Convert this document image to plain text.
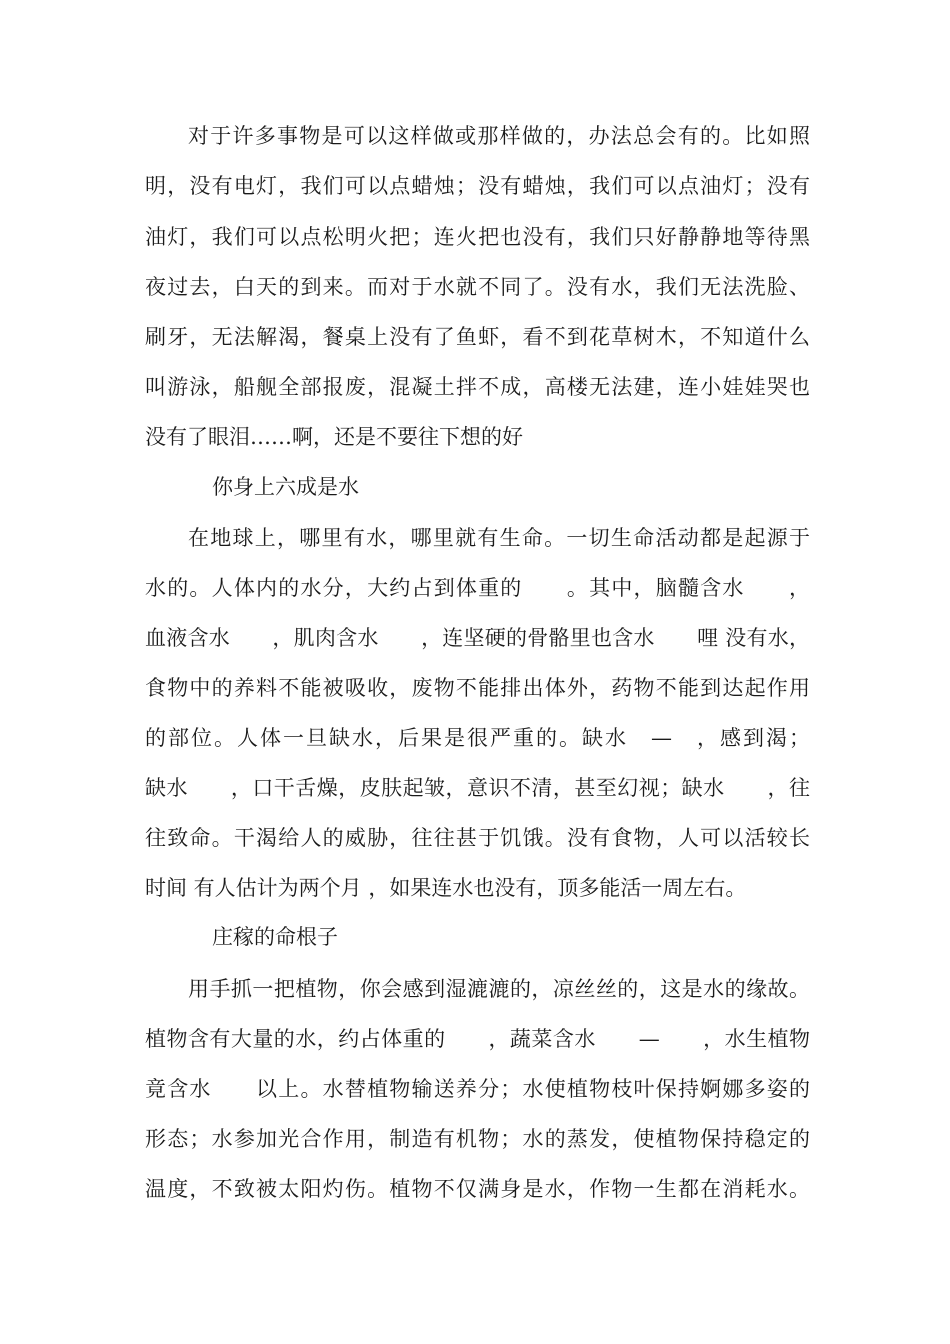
对于许多事物是可以这样做或那样做的，办法总会有的。比如照
明，没有电灯，我们可以点蜡烛；没有蜡烛，我们可以点油灯；没有
油灯，我们可以点松明火把；连火把也没有，我们只好静静地等待黑
夜过去，白天的到来。而对于水就不同了。没有水，我们无法洗脸、
刷牙，无法解渴，餐桌上没有了鱼虾，看不到花草树木，不知道什么
叫游泳，船舰全部报废，混凝土拌不成，高楼无法建，连小娃娃哭也
没有了眼泪……啊，还是不要往下想的好
你身上六成是水
在地球上，哪里有水，哪里就有生命。一切生命活动都是起源于
水的。人体内的水分，大约占到体重的　　。其中，脑髓含水　　，
血液含水　　，肌肉含水　　，连坚硬的骨骼里也含水　　哩 没有水，
食物中的养料不能被吸收，废物不能排出体外，药物不能到达起作用
的部位。人体一旦缺水，后果是很严重的。缺水　—　，感到渴；
缺水　　，口干舌燥，皮肤起皱，意识不清，甚至幻视；缺水　　，往
往致命。干渴给人的威胁，往往甚于饥饿。没有食物，人可以活较长
时间 有人估计为两个月 ，如果连水也没有，顶多能活一周左右。
庄稼的命根子
用手抓一把植物，你会感到湿漉漉的，凉丝丝的，这是水的缘故。
植物含有大量的水，约占体重的　　，蔬菜含水　　—　　，水生植物
竟含水　　以上。水替植物输送养分；水使植物枝叶保持婀娜多姿的
形态；水参加光合作用，制造有机物；水的蒸发，使植物保持稳定的
温度，不致被太阳灼伤。植物不仅满身是水，作物一生都在消耗水。
